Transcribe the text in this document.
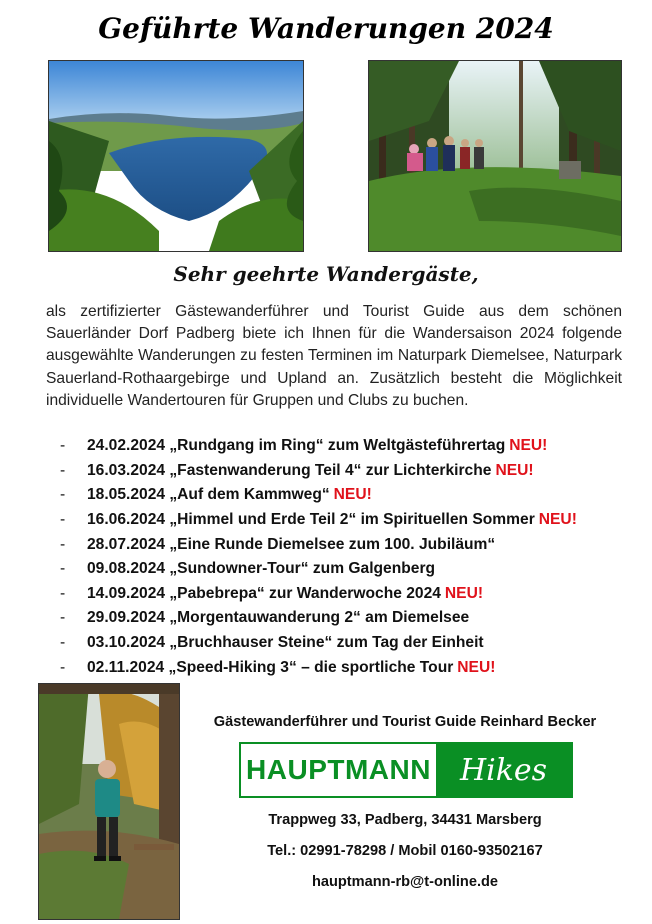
Geführte Wanderungen 2024
Sehr geehrte Wandergäste,
als zertifizierter Gästewanderführer und Tourist Guide aus dem schönen Sauerländer Dorf Padberg biete ich Ihnen für die Wandersaison 2024 folgende ausgewählte Wanderungen zu festen Terminen im Naturpark Diemelsee, Naturpark Sauerland-Rothaargebirge und Upland an. Zusätzlich besteht die Möglichkeit individuelle Wandertouren für Gruppen und Clubs zu buchen.
-	24.02.2024 „Rundgang im Ring“ zum Weltgästeführertag NEU!
-	16.03.2024 „Fastenwanderung Teil 4“ zur Lichterkirche NEU!
-	18.05.2024 „Auf dem Kammweg“ NEU!
-	16.06.2024 „Himmel und Erde Teil 2“ im Spirituellen Sommer NEU!
-	28.07.2024 „Eine Runde Diemelsee zum 100. Jubiläum“
-	09.08.2024 „Sundowner-Tour“ zum Galgenberg
-	14.09.2024 „Pabebrepa“ zur Wanderwoche 2024 NEU!
-	29.09.2024 „Morgentauwanderung 2“ am Diemelsee
-	03.10.2024 „Bruchhauser Steine“ zum Tag der Einheit
-	02.11.2024 „Speed-Hiking 3“ – die sportliche Tour NEU!
Gästewanderführer und Tourist Guide Reinhard Becker
HAUPTMANN Hikes
Trappweg 33, Padberg, 34431 Marsberg
Tel.: 02991-78298 / Mobil 0160-93502167
hauptmann-rb@t-online.de
